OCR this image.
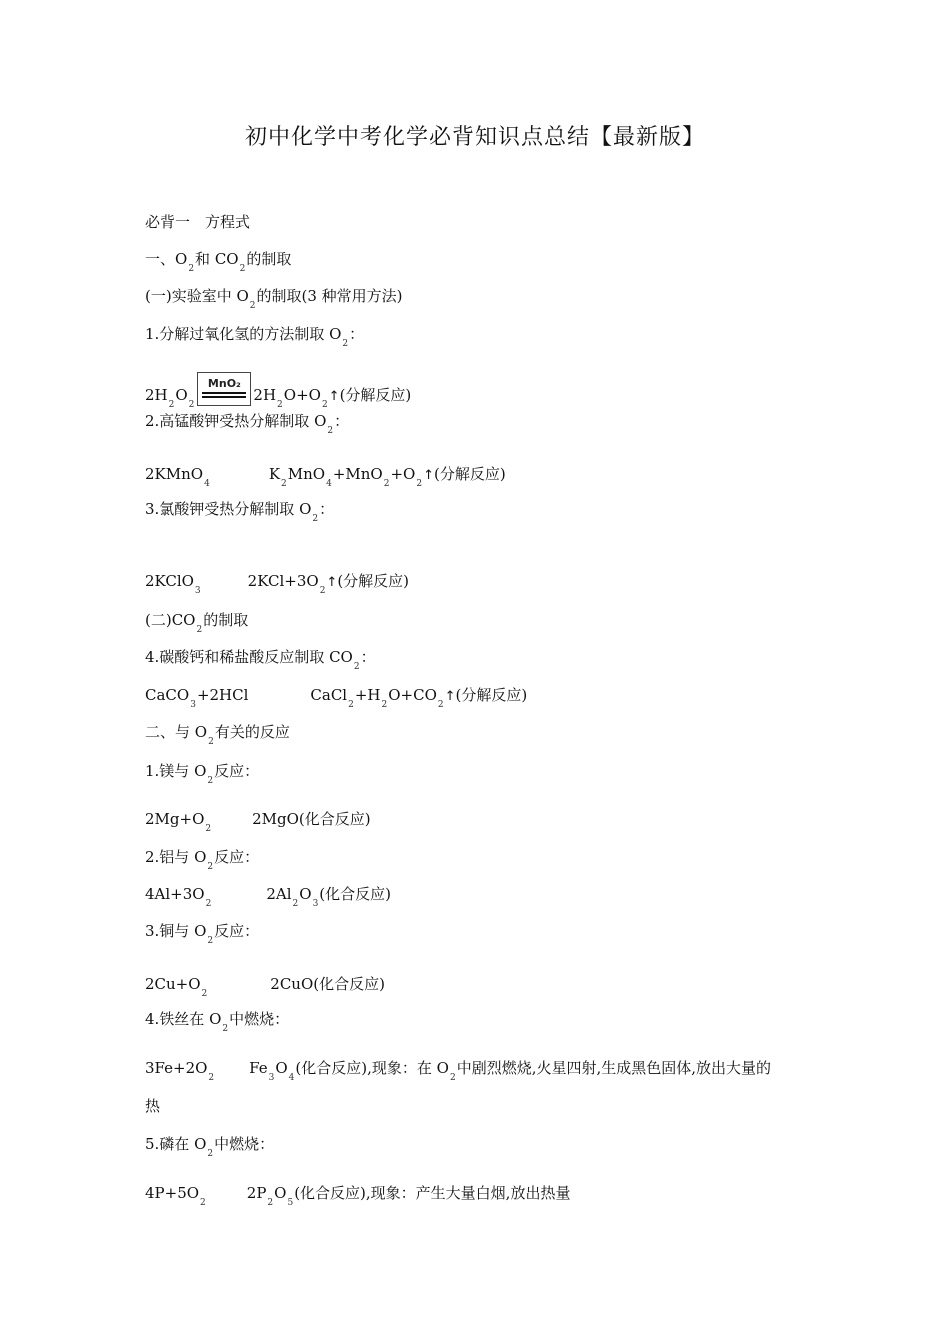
初中化学中考化学必背知识点总结【最新版】
必背一　方程式
一、$O_2$和 $CO_2$的制取
(一)实验室中 $O_2$的制取(3 种常用方法)
1.分解过氧化氢的方法制取 $O_2$：
$2H_2O_2$
MnO₂
$2H_2O+O_2↑$(分解反应)
2.高锰酸钾受热分解制取 $O_2$：
$2KMnO_4K_2MnO_4+MnO_2+O_2↑$(分解反应)
3.氯酸钾受热分解制取 $O_2$：
$2KClO_32KCl+3O_2↑$(分解反应)
(二)$CO_2$的制取
4.碳酸钙和稀盐酸反应制取 $CO_2$：
CaCO$_3$+2HCl	$CaCl_2+H_2O+CO_2↑$(分解反应)
二、与 $O_2$有关的反应
1.镁与 $O_2$反应：
$2Mg+O_22MgO$(化合反应)
2.铝与 $O_2$反应：
$4Al+3O_22Al_2O_3$(化合反应)
3.铜与 $O_2$反应：
$2Cu+O_22CuO$(化合反应)
4.铁丝在 $O_2$中燃烧：
$3Fe+2O_2Fe_3O_4$(化合反应),现象：在 $O_2$中剧烈燃烧,火星四射,生成黑色固体,放出大量的
热
5.磷在 $O_2$中燃烧：
$4P+5O_22P_2O_5$(化合反应),现象：产生大量白烟,放出热量
